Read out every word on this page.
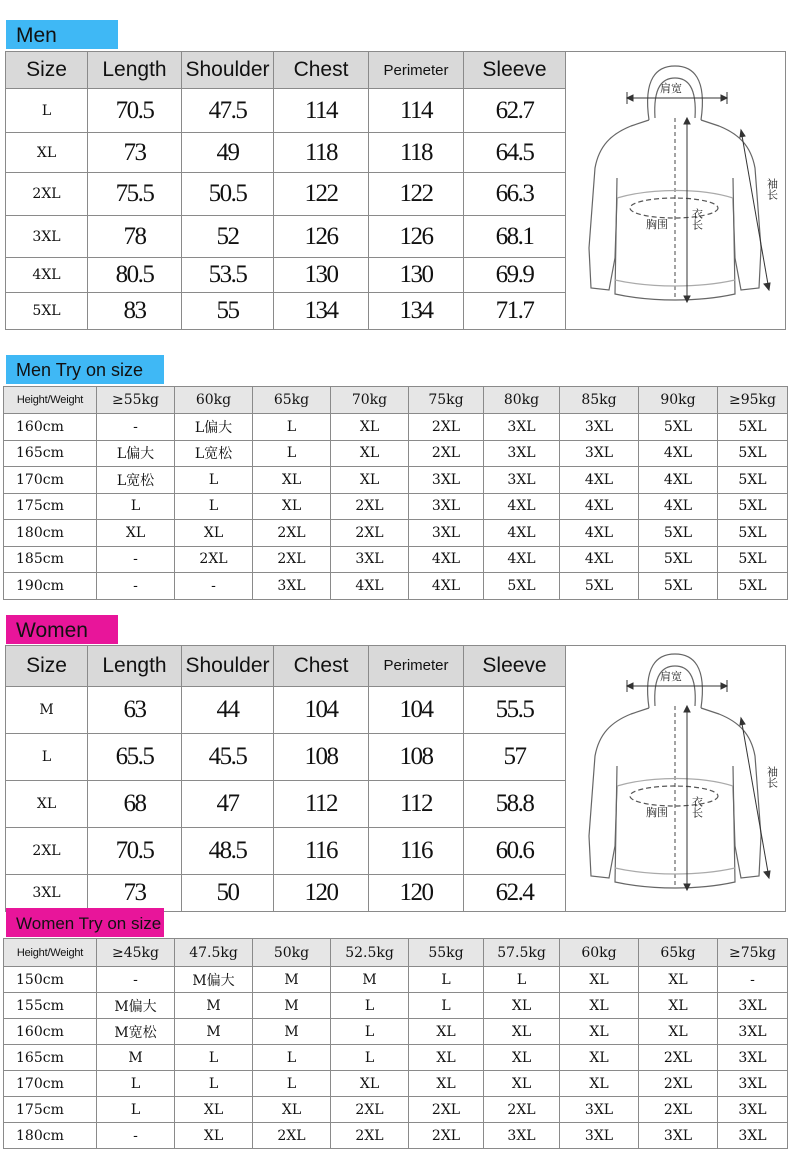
Men
Size	Length	Shoulder	Chest	Perimeter	Sleeve	肩宽
胸围 衣长
袖长

L	70.5	47.5	114	114	62.7	
XL	73	49	118	118	64.5	
2XL	75.5	50.5	122	122	66.3	
3XL	78	52	126	126	68.1	
4XL	80.5	53.5	130	130	69.9	
5XL	83	55	134	134	71.7	
Men Try on size
Height/Weight	≥55kg	60kg	65kg	70kg	75kg	80kg	85kg	90kg	≥95kg
160cm	-	L偏大	L	XL	2XL	3XL	3XL	5XL	5XL
165cm	L偏大	L宽松	L	XL	2XL	3XL	3XL	4XL	5XL
170cm	L宽松	L	XL	XL	3XL	3XL	4XL	4XL	5XL
175cm	L	L	XL	2XL	3XL	4XL	4XL	4XL	5XL
180cm	XL	XL	2XL	2XL	3XL	4XL	4XL	5XL	5XL
185cm	-	2XL	2XL	3XL	4XL	4XL	4XL	5XL	5XL
190cm	-	-	3XL	4XL	4XL	5XL	5XL	5XL	5XL
Women
Size	Length	Shoulder	Chest	Perimeter	Sleeve	肩宽
胸围 衣长
袖长

M	63	44	104	104	55.5	
L	65.5	45.5	108	108	57	
XL	68	47	112	112	58.8	
2XL	70.5	48.5	116	116	60.6	
3XL	73	50	120	120	62.4	
Women Try on size
Height/Weight	≥45kg	47.5kg	50kg	52.5kg	55kg	57.5kg	60kg	65kg	≥75kg
150cm	-	M偏大	M	M	L	L	XL	XL	-
155cm	M偏大	M	M	L	L	XL	XL	XL	3XL
160cm	M宽松	M	M	L	XL	XL	XL	XL	3XL
165cm	M	L	L	L	XL	XL	XL	2XL	3XL
170cm	L	L	L	XL	XL	XL	XL	2XL	3XL
175cm	L	XL	XL	2XL	2XL	2XL	3XL	2XL	3XL
180cm	-	XL	2XL	2XL	2XL	3XL	3XL	3XL	3XL
